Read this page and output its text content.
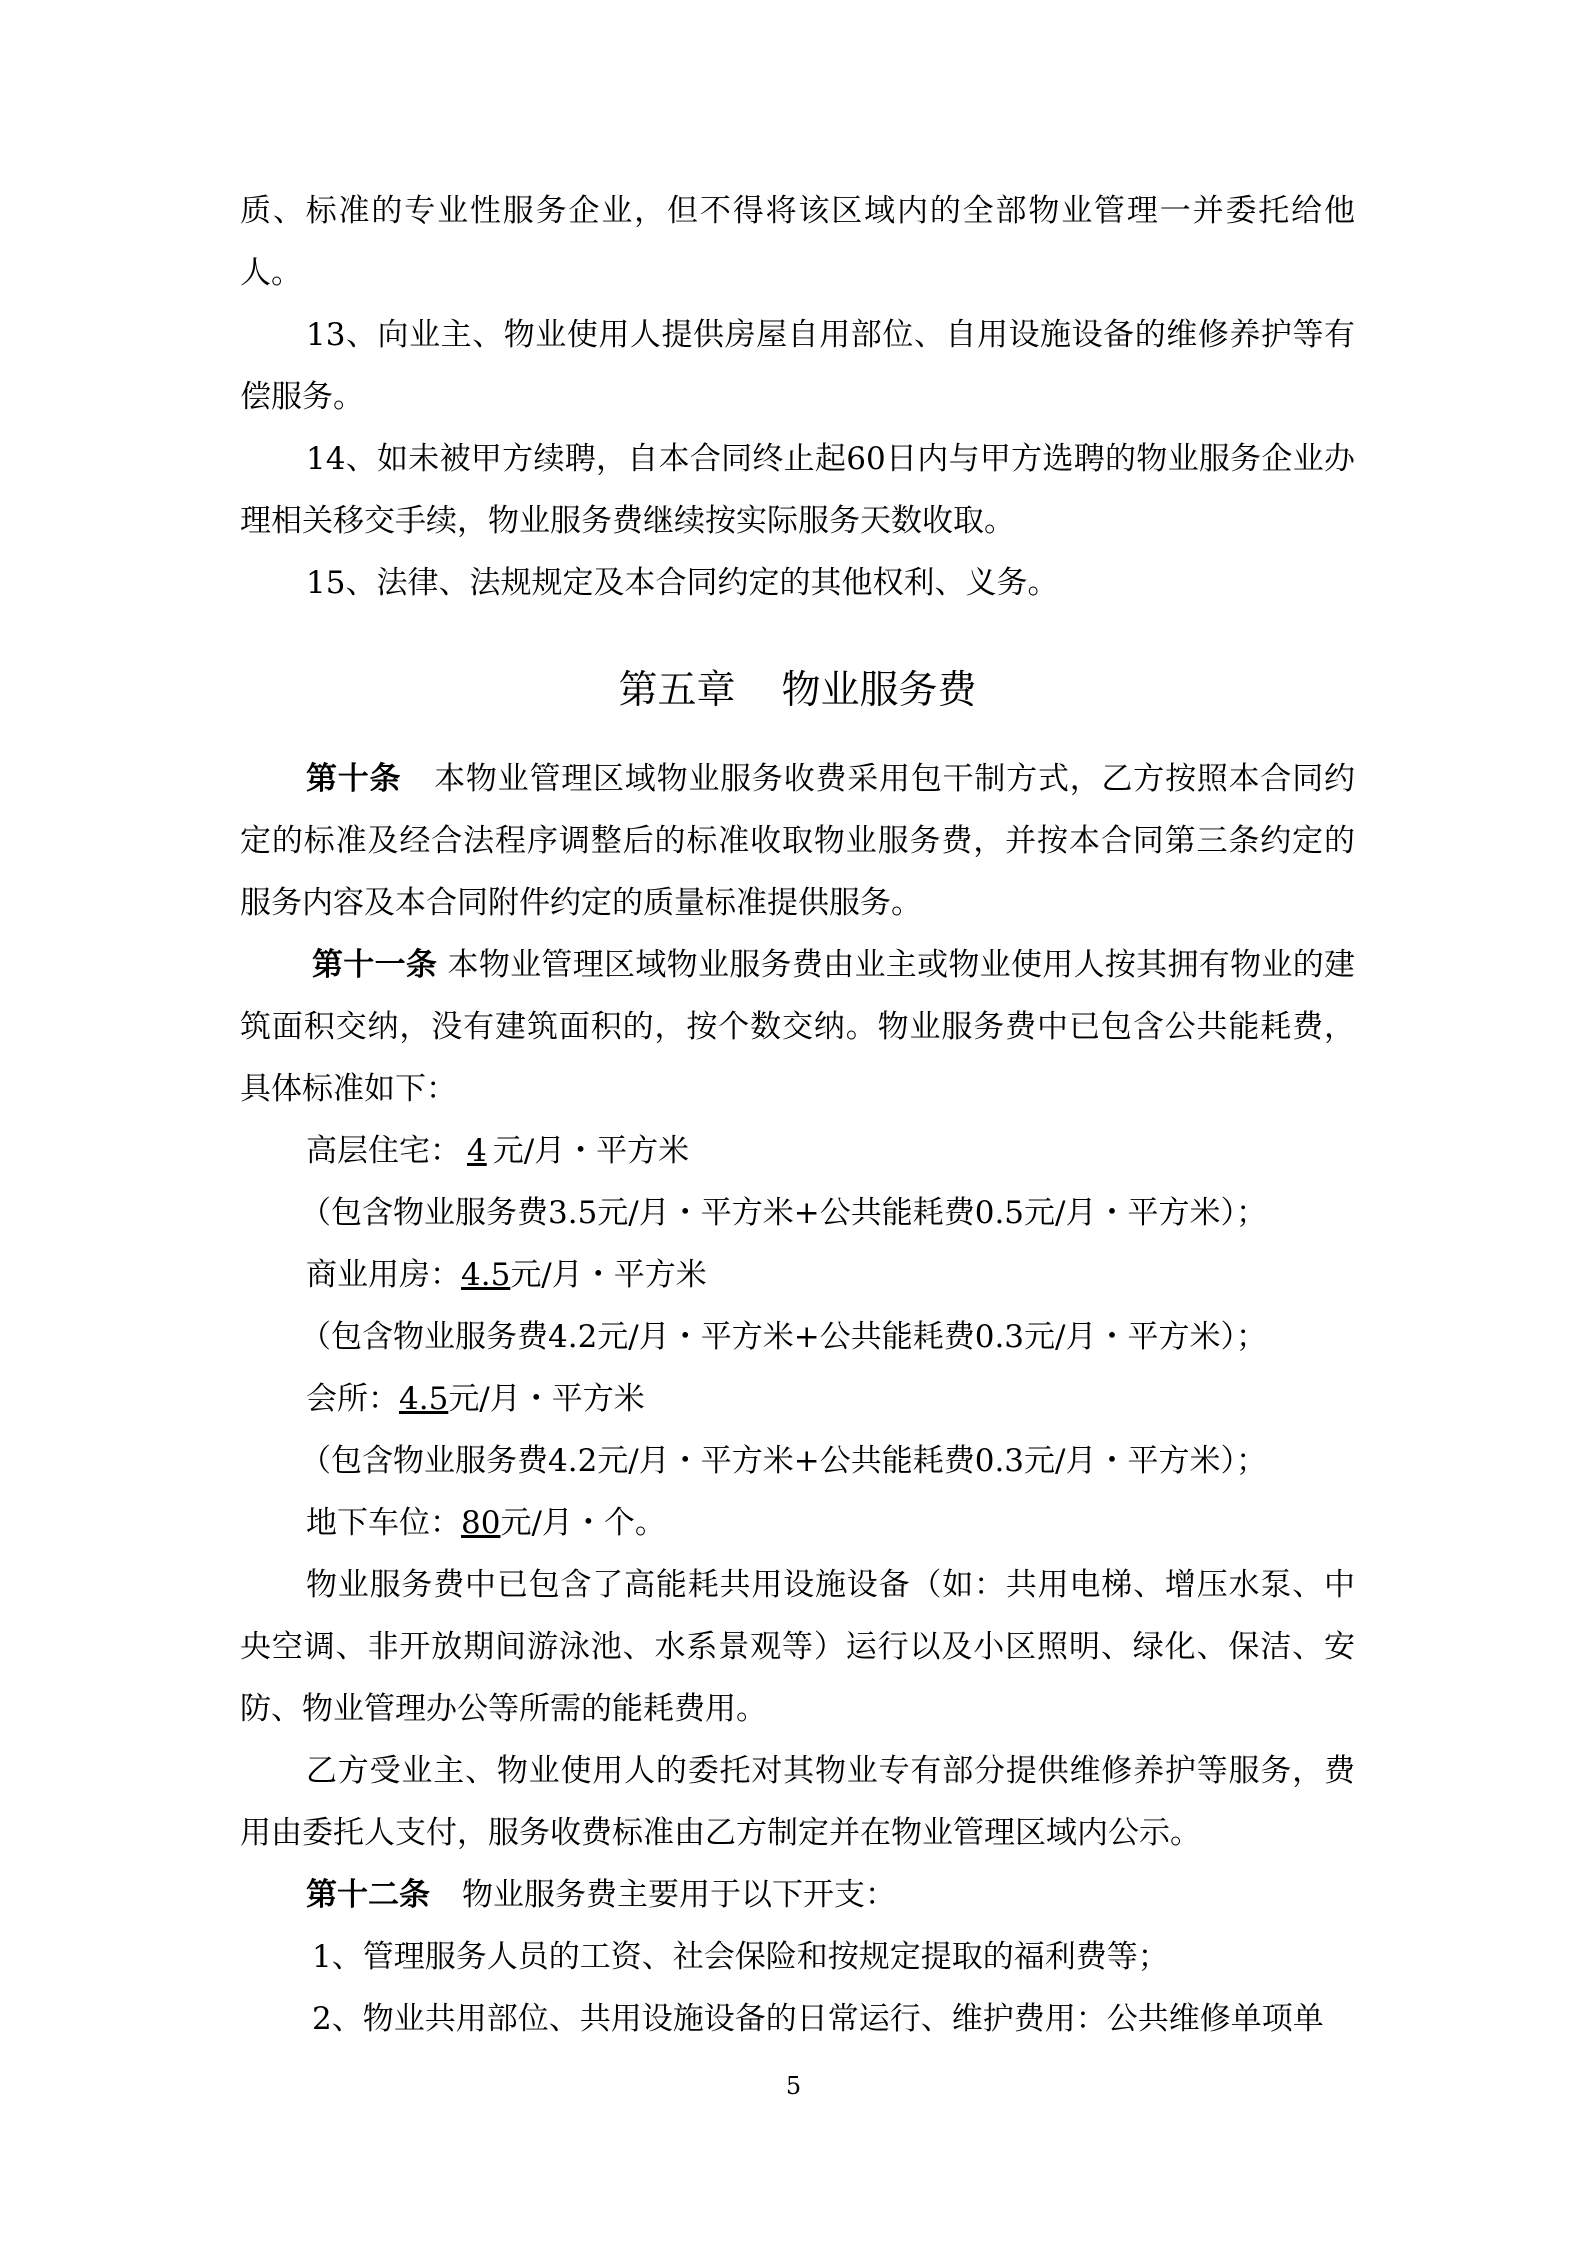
质、标准的专业性服务企业，但不得将该区域内的全部物业管理一并委托给他人。

13、向业主、物业使用人提供房屋自用部位、自用设施设备的维修养护等有偿服务。

14、如未被甲方续聘，自本合同终止起60日内与甲方选聘的物业服务企业办理相关移交手续，物业服务费继续按实际服务天数收取。

15、法律、法规规定及本合同约定的其他权利、义务。

第五章 物业服务费

第十条 本物业管理区域物业服务收费采用包干制方式，乙方按照本合同约定的标准及经合法程序调整后的标准收取物业服务费，并按本合同第三条约定的服务内容及本合同附件约定的质量标准提供服务。

第十一条 本物业管理区域物业服务费由业主或物业使用人按其拥有物业的建筑面积交纳，没有建筑面积的，按个数交纳。物业服务费中已包含公共能耗费，具体标准如下：

高层住宅： 4 元/月・平方米

（包含物业服务费3.5元/月・平方米+公共能耗费0.5元/月・平方米）；

商业用房：4.5元/月・平方米

（包含物业服务费4.2元/月・平方米+公共能耗费0.3元/月・平方米）；

会所：4.5元/月・平方米

（包含物业服务费4.2元/月・平方米+公共能耗费0.3元/月・平方米）；

地下车位：80元/月・个。

物业服务费中已包含了高能耗共用设施设备（如：共用电梯、增压水泵、中央空调、非开放期间游泳池、水系景观等）运行以及小区照明、绿化、保洁、安防、物业管理办公等所需的能耗费用。

乙方受业主、物业使用人的委托对其物业专有部分提供维修养护等服务，费用由委托人支付，服务收费标准由乙方制定并在物业管理区域内公示。

第十二条 物业服务费主要用于以下开支：

1、管理服务人员的工资、社会保险和按规定提取的福利费等；

2、物业共用部位、共用设施设备的日常运行、维护费用：公共维修单项单

5
